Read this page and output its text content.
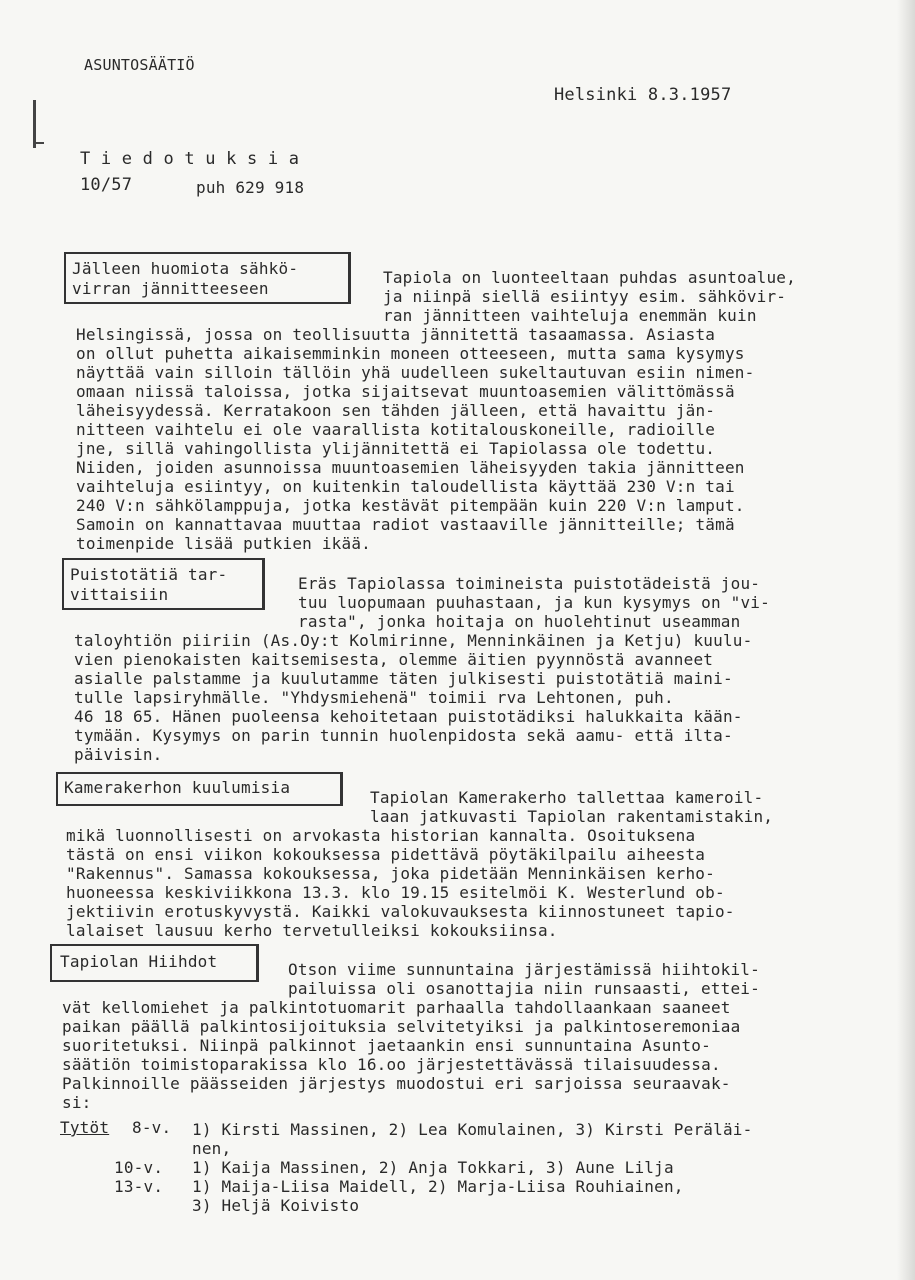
ASUNTOSÄÄTIÖ
Helsinki 8.3.1957
T i e d o t u k s i a
10/57	puh 629 918
Jälleen huomiota sähkö-
virran jännitteeseen
Tapiola on luonteeltaan puhdas asuntoalue,
ja niinpä siellä esiintyy esim. sähkövir-
ran jännitteen vaihteluja enemmän kuin
Helsingissä, jossa on teollisuutta jännitettä tasaamassa. Asiasta
on ollut puhetta aikaisemminkin moneen otteeseen, mutta sama kysymys
näyttää vain silloin tällöin yhä uudelleen sukeltautuvan esiin nimen-
omaan niissä taloissa, jotka sijaitsevat muuntoasemien välittömässä
läheisyydessä. Kerratakoon sen tähden jälleen, että havaittu jän-
nitteen vaihtelu ei ole vaarallista kotitalouskoneille, radioille
jne, sillä vahingollista ylijännitettä ei Tapiolassa ole todettu.
Niiden, joiden asunnoissa muuntoasemien läheisyyden takia jännitteen
vaihteluja esiintyy, on kuitenkin taloudellista käyttää 230 V:n tai
240 V:n sähkölamppuja, jotka kestävät pitempään kuin 220 V:n lamput.
Samoin on kannattavaa muuttaa radiot vastaaville jännitteille; tämä
toimenpide lisää putkien ikää.
Puistotätiä tar-
vittaisiin
Eräs Tapiolassa toimineista puistotädeistä jou-
tuu luopumaan puuhastaan, ja kun kysymys on "vi-
rasta", jonka hoitaja on huolehtinut useamman
taloyhtiön piiriin (As.Oy:t Kolmirinne, Menninkäinen ja Ketju) kuulu-
vien pienokaisten kaitsemisesta, olemme äitien pyynnöstä avanneet
asialle palstamme ja kuulutamme täten julkisesti puistotätiä maini-
tulle lapsiryhmälle. "Yhdysmiehenä" toimii rva Lehtonen, puh.
46 18 65. Hänen puoleensa kehoitetaan puistotädiksi halukkaita kään-
tymään. Kysymys on parin tunnin huolenpidosta sekä aamu- että ilta-
päivisin.
Kamerakerhon kuulumisia
Tapiolan Kamerakerho tallettaa kameroil-
laan jatkuvasti Tapiolan rakentamistakin,
mikä luonnollisesti on arvokasta historian kannalta. Osoituksena
tästä on ensi viikon kokouksessa pidettävä pöytäkilpailu aiheesta
"Rakennus". Samassa kokouksessa, joka pidetään Menninkäisen kerho-
huoneessa keskiviikkona 13.3. klo 19.15 esitelmöi K. Westerlund ob-
jektiivin erotuskyvystä. Kaikki valokuvauksesta kiinnostuneet tapio-
lalaiset lausuu kerho tervetulleiksi kokouksiinsa.
Tapiolan Hiihdot	Otson viime sunnuntaina järjestämissä hiihtokil-
pailuissa oli osanottajia niin runsaasti, ettei-
vät kellomiehet ja palkintotuomarit parhaalla tahdollaankaan saaneet
paikan päällä palkintosijoituksia selvitetyiksi ja palkintoseremoniaa
suoritetuksi. Niinpä palkinnot jaetaankin ensi sunnuntaina Asunto-
säätiön toimistoparakissa klo 16.oo järjestettävässä tilaisuudessa.
Palkinnoille päässeiden järjestys muodostui eri sarjoissa seuraavak-
si:
Tytöt 8-v. 1) Kirsti Massinen, 2) Lea Komulainen, 3) Kirsti Peräläi-
nen,
10-v. 1) Kaija Massinen, 2) Anja Tokkari, 3) Aune Lilja
13-v. 1) Maija-Liisa Maidell, 2) Marja-Liisa Rouhiainen,
3) Heljä Koivisto
